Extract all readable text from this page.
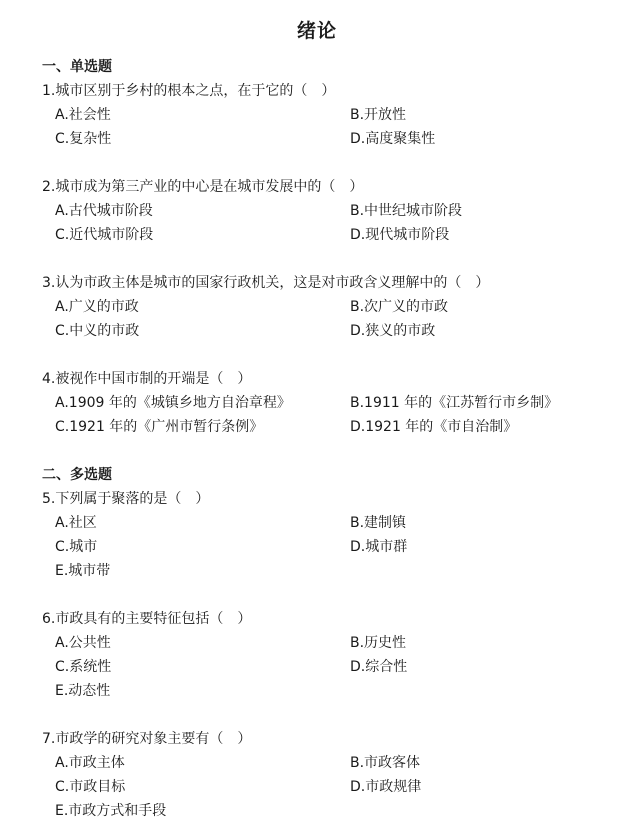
绪论
一、单选题
1.城市区别于乡村的根本之点，在于它的（　）
A.社会性	B.开放性
C.复杂性	D.高度聚集性
2.城市成为第三产业的中心是在城市发展中的（　）
A.古代城市阶段	B.中世纪城市阶段
C.近代城市阶段	D.现代城市阶段
3.认为市政主体是城市的国家行政机关，这是对市政含义理解中的（　）
A.广义的市政	B.次广义的市政
C.中义的市政	D.狭义的市政
4.被视作中国市制的开端是（　）
A.1909 年的《城镇乡地方自治章程》	B.1911 年的《江苏暂行市乡制》
C.1921 年的《广州市暂行条例》	D.1921 年的《市自治制》
二、多选题
5.下列属于聚落的是（　）
A.社区	B.建制镇
C.城市	D.城市群
E.城市带
6.市政具有的主要特征包括（　）
A.公共性	B.历史性
C.系统性	D.综合性
E.动态性
7.市政学的研究对象主要有（　）
A.市政主体	B.市政客体
C.市政目标	D.市政规律
E.市政方式和手段
